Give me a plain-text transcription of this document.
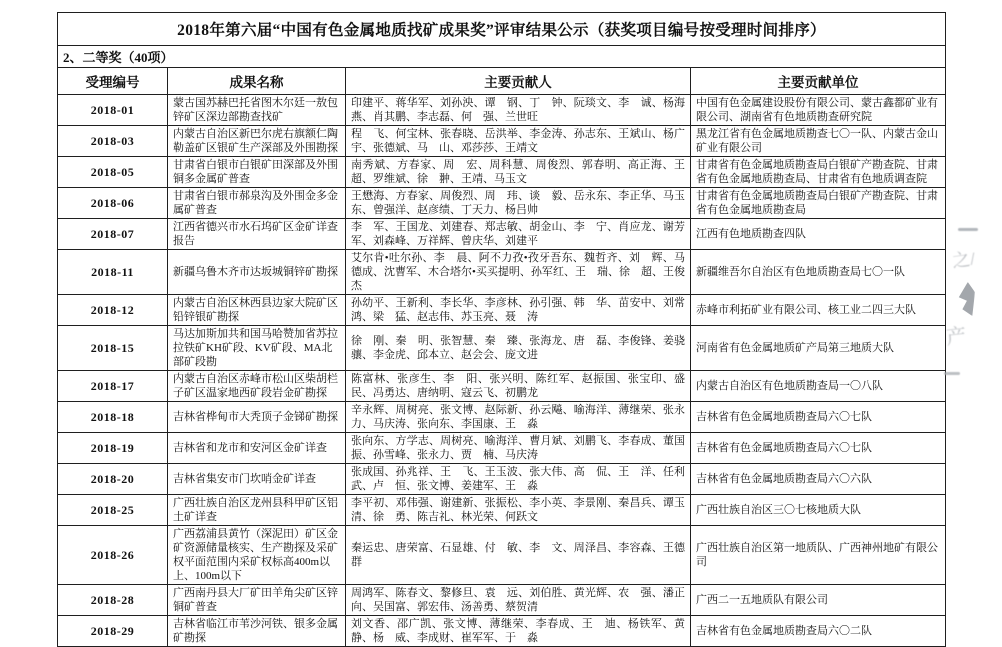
2018年第六届“中国有色金属地质找矿成果奖”评审结果公示（获奖项目编号按受理时间排序）			
2、二等奖（40项）			
受理编号	成果名称	主要贡献人	主要贡献单位
2018-01	蒙古国苏赫巴托省图木尔廷一敖包锌矿区深边部勘查找矿	印建平、蒋华军、刘孙泱、谭　钢、丁　钟、阮琰文、李　诚、杨海燕、肖其鹏、李志磊、何　强、兰世旺	中国有色金属建设股份有限公司、蒙古鑫都矿业有限公司、湖南省有色地质勘查研究院
2018-03	内蒙古自治区新巴尔虎右旗额仁陶勒盖矿区银矿生产深部及外围勘探	程　飞、何宝林、张春晓、岳洪举、李金涛、孙志东、王斌山、杨广宇、张德斌、马　山、邓莎莎、王靖文	黑龙江省有色金属地质勘查七〇一队、内蒙古金山矿业有限公司
2018-05	甘肃省白银市白银矿田深部及外围铜多金属矿普查	南秀斌、方春家、周　宏、周科慧、周俊烈、郭春明、高正海、王超、罗维斌、徐　翀、王靖、马玉文	甘肃省有色金属地质勘查局白银矿产勘查院、甘肃省有色金属地质勘查局、甘肃省有色地质调查院
2018-06	甘肃省白银市郝泉沟及外围金多金属矿普查	王懋海、方春家、周俊烈、周　玮、谈　毅、岳永东、李正华、马玉东、曾强洋、赵彦绩、丁天力、杨吕帅	甘肃省有色金属地质勘查局白银矿产勘查院、甘肃省有色金属地质勘查局
2018-07	江西省德兴市水石坞矿区金矿详查报告	李　军、王国龙、刘建春、郑志敏、胡金山、李　宁、肖应龙、谢芳军、刘森峰、万祥辉、曾庆华、刘建平	江西有色地质勘查四队
2018-11	新疆乌鲁木齐市达坂城铜锌矿勘探	艾尔肯•吐尔孙、李　晨、阿不力孜•孜牙吾东、魏哲齐、刘　辉、马德成、沈曹军、木合塔尔•买买提明、孙军红、王　瑞、徐　超、王俊杰	新疆维吾尔自治区有色地质勘查局七〇一队
2018-12	内蒙古自治区林西县边家大院矿区铅锌银矿勘探	孙幼平、王新利、李长华、李彦林、孙引强、韩　华、苗安中、刘常鸿、梁　猛、赵志伟、苏玉亮、聂　涛	赤峰市利拓矿业有限公司、核工业二四三大队
2018-15	马达加斯加共和国马哈赞加省苏拉拉铁矿KH矿段、KV矿段、MA北部矿段勘	徐　刚、秦　明、张智慧、秦　臻、张海龙、唐　磊、李俊锋、姜骁骧、李金虎、邱本立、赵会会、庞文进	河南省有色金属地质矿产局第三地质大队
2018-17	内蒙古自治区赤峰市松山区柴胡栏子矿区温家地西矿段岩金矿勘探	陈富林、张彦生、李　阳、张兴明、陈红军、赵振国、张宝印、盛民、冯勇达、唐纳明、寇云飞、初鹏龙	内蒙古自治区有色地质勘查局一〇八队
2018-18	吉林省桦甸市大秃顶子金锑矿勘探	辛永辉、周树亮、张文博、赵际新、孙云飚、喻海洋、薄继荣、张永力、马庆涛、张向东、李国康、王　淼	吉林省有色金属地质勘查局六〇七队
2018-19	吉林省和龙市和安河区金矿详查	张向东、方学志、周树亮、喻海洋、曹月斌、刘鹏飞、李春成、董国振、孙雪峰、张永力、贾　楠、马庆涛	吉林省有色金属地质勘查局六〇七队
2018-20	吉林省集安市门坎哨金矿详查	张成国、孙兆祥、王　飞、王玉波、张大伟、高　侃、王　洋、任利武、卢　恒、张文博、姜建军、王　淼	吉林省有色金属地质勘查局六〇六队
2018-25	广西壮族自治区龙州县科甲矿区铝土矿详查	李平初、邓伟强、谢建新、张振松、李小英、李景刚、秦昌兵、谭玉清、徐　勇、陈吉礼、林光荣、何跃文	广西壮族自治区三〇七核地质大队
2018-26	广西荔浦县黄竹（深泥田）矿区金矿资源储量核实、生产勘探及采矿权平面范围内采矿权标高400m以上、100m以下	秦运忠、唐荣富、石显雄、付　敏、李　文、周泽昌、李容森、王德群	广西壮族自治区第一地质队、广西神州地矿有限公司
2018-28	广西南丹县大厂矿田羊角尖矿区锌铜矿普查	周鸿军、陈春文、黎修旦、袁　远、刘伯胜、黄光辉、农　强、潘正向、吴国富、郭宏伟、汤善勇、蔡贺清	广西二一五地质队有限公司
2018-29	吉林省临江市苇沙河铁、银多金属矿勘探	刘文香、邵广凯、张文博、薄继荣、李春成、王　迪、杨铁军、黄静、杨　威、李成财、崔军军、于　淼	吉林省有色金属地质勘查局六〇二队
之/
产
